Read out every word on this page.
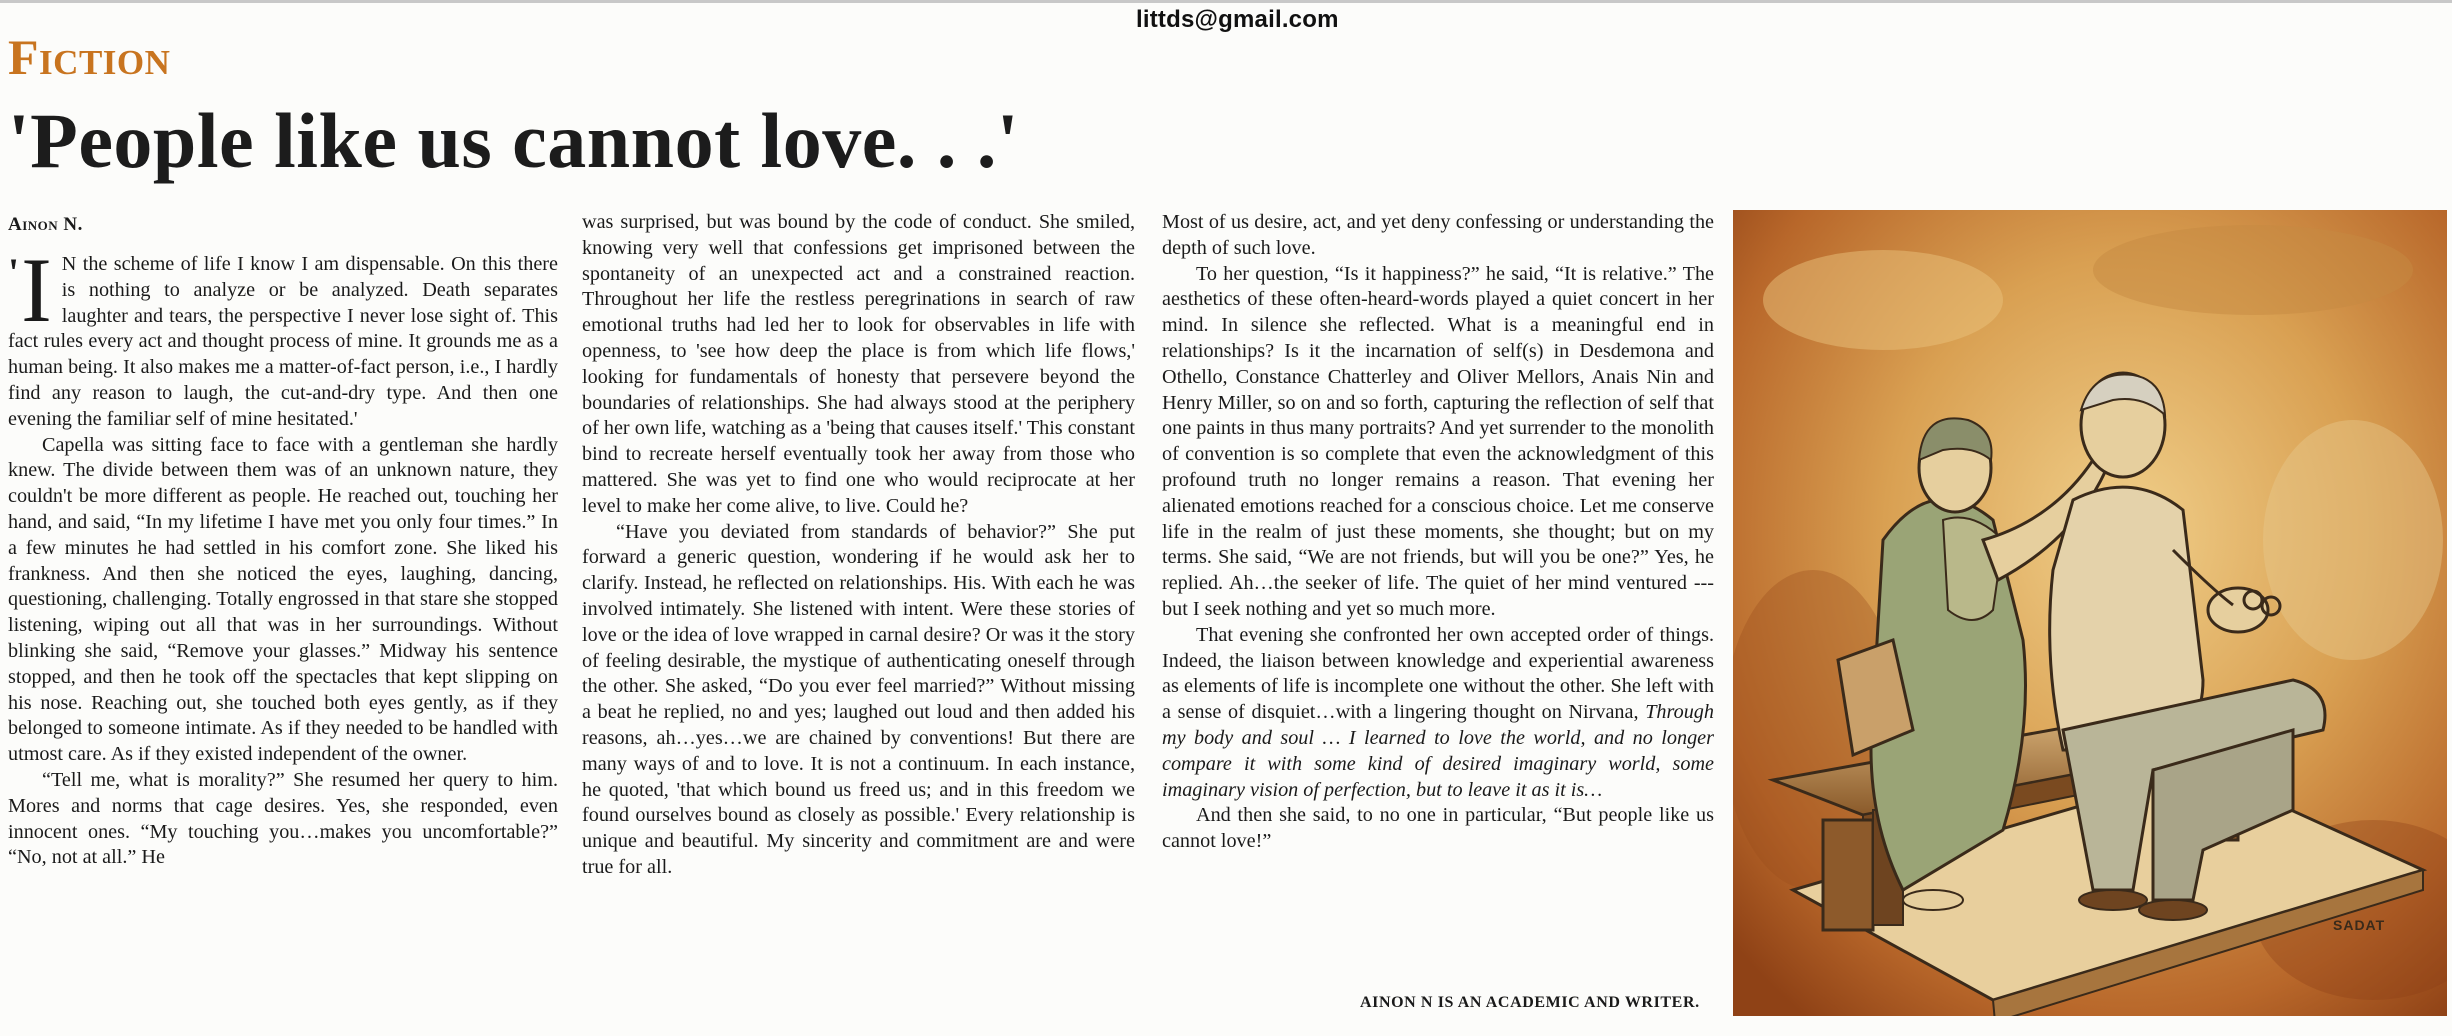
littds@gmail.com
Fiction
'People like us cannot love. . .'
Ainon N.

' I N the scheme of life I know I am dispensable. On this there is nothing to analyze or be analyzed. Death separates laughter and tears, the perspective I never lose sight of. This fact rules every act and thought process of mine. It grounds me as a human being. It also makes me a matter-of-fact person, i.e., I hardly find any reason to laugh, the cut-and-dry type. And then one evening the familiar self of mine hesitated.'

Capella was sitting face to face with a gentleman she hardly knew. The divide between them was of an unknown nature, they couldn't be more different as people. He reached out, touching her hand, and said, “In my lifetime I have met you only four times.” In a few minutes he had settled in his comfort zone. She liked his frankness. And then she noticed the eyes, laughing, dancing, questioning, challenging. Totally engrossed in that stare she stopped listening, wiping out all that was in her surroundings. Without blinking she said, “Remove your glasses.” Midway his sentence stopped, and then he took off the spectacles that kept slipping on his nose. Reaching out, she touched both eyes gently, as if they belonged to someone intimate. As if they needed to be handled with utmost care. As if they existed independent of the owner.

“Tell me, what is morality?” She resumed her query to him. Mores and norms that cage desires. Yes, she responded, even innocent ones. “My touching you…makes you uncomfortable?” “No, not at all.” He

was surprised, but was bound by the code of conduct. She smiled, knowing very well that confessions get imprisoned between the spontaneity of an unexpected act and a constrained reaction. Throughout her life the restless peregrinations in search of raw emotional truths had led her to look for observables in life with openness, to 'see how deep the place is from which life flows,' looking for fundamentals of honesty that persevere beyond the boundaries of relationships. She had always stood at the periphery of her own life, watching as a 'being that causes itself.' This constant bind to recreate herself eventually took her away from those who mattered. She was yet to find one who would reciprocate at her level to make her come alive, to live. Could he?

“Have you deviated from standards of behavior?” She put forward a generic question, wondering if he would ask her to clarify. Instead, he reflected on relationships. His. With each he was involved intimately. She listened with intent. Were these stories of love or the idea of love wrapped in carnal desire? Or was it the story of feeling desirable, the mystique of authenticating oneself through the other. She asked, “Do you ever feel married?” Without missing a beat he replied, no and yes; laughed out loud and then added his reasons, ah…yes…we are chained by conventions! But there are many ways of and to love. It is not a continuum. In each instance, he quoted, 'that which bound us freed us; and in this freedom we found ourselves bound as closely as possible.' Every relationship is unique and beautiful. My sincerity and commitment are and were true for all.

Most of us desire, act, and yet deny confessing or understanding the depth of such love.

To her question, “Is it happiness?” he said, “It is relative.” The aesthetics of these often-heard-words played a quiet concert in her mind. In silence she reflected. What is a meaningful end in relationships? Is it the incarnation of self(s) in Desdemona and Othello, Constance Chatterley and Oliver Mellors, Anais Nin and Henry Miller, so on and so forth, capturing the reflection of self that one paints in thus many portraits? And yet surrender to the monolith of convention is so complete that even the acknowledgment of this profound truth no longer remains a reason. That evening her alienated emotions reached for a conscious choice. Let me conserve life in the realm of just these moments, she thought; but on my terms. She said, “We are not friends, but will you be one?” Yes, he replied. Ah…the seeker of life. The quiet of her mind ventured --- but I seek nothing and yet so much more.

That evening she confronted her own accepted order of things. Indeed, the liaison between knowledge and experiential awareness as elements of life is incomplete one without the other. She left with a sense of disquiet…with a lingering thought on Nirvana, Through my body and soul … I learned to love the world, and no longer compare it with some kind of desired imaginary world, some imaginary vision of perfection, but to leave it as it is…

And then she said, to no one in particular, “But people like us cannot love!”

AINON N IS AN ACADEMIC AND WRITER.
SADAT
